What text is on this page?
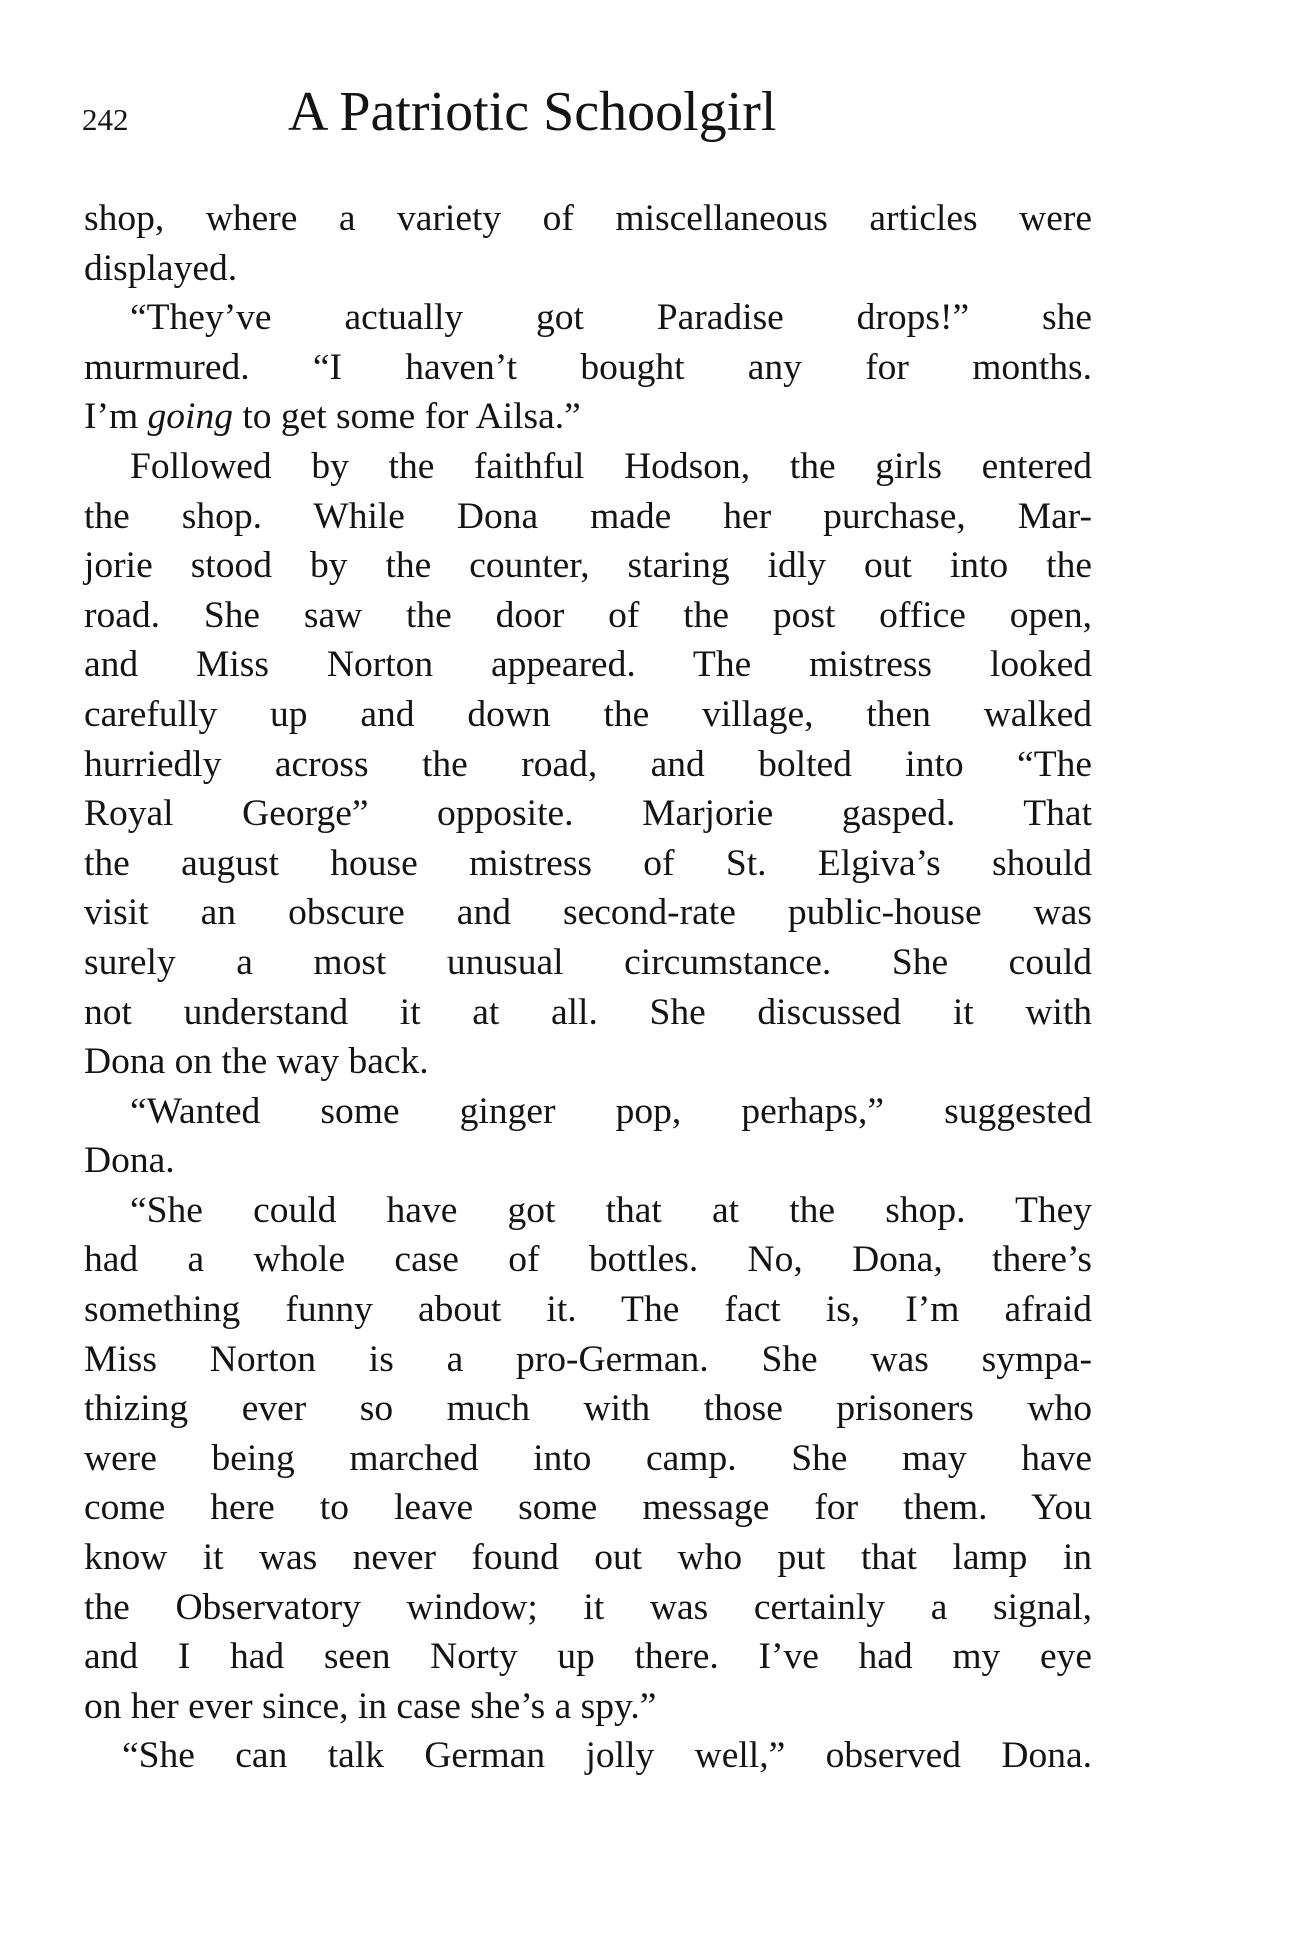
242	A Patriotic Schoolgirl
shop, where a variety of miscellaneous articles were
displayed.
“They’ve actually got Paradise drops!” she
murmured. “I haven’t bought any for months.
I’m going to get some for Ailsa.”
Followed by the faithful Hodson, the girls entered
the shop. While Dona made her purchase, Mar-
jorie stood by the counter, staring idly out into the
road. She saw the door of the post office open,
and Miss Norton appeared. The mistress looked
carefully up and down the village, then walked
hurriedly across the road, and bolted into “The
Royal George” opposite. Marjorie gasped. That
the august house mistress of St. Elgiva’s should
visit an obscure and second-rate public-house was
surely a most unusual circumstance. She could
not understand it at all. She discussed it with
Dona on the way back.
“Wanted some ginger pop, perhaps,” suggested
Dona.
“She could have got that at the shop. They
had a whole case of bottles. No, Dona, there’s
something funny about it. The fact is, I’m afraid
Miss Norton is a pro-German. She was sympa-
thizing ever so much with those prisoners who
were being marched into camp. She may have
come here to leave some message for them. You
know it was never found out who put that lamp in
the Observatory window; it was certainly a signal,
and I had seen Norty up there. I’ve had my eye
on her ever since, in case she’s a spy.”
“She can talk German jolly well,” observed Dona.
